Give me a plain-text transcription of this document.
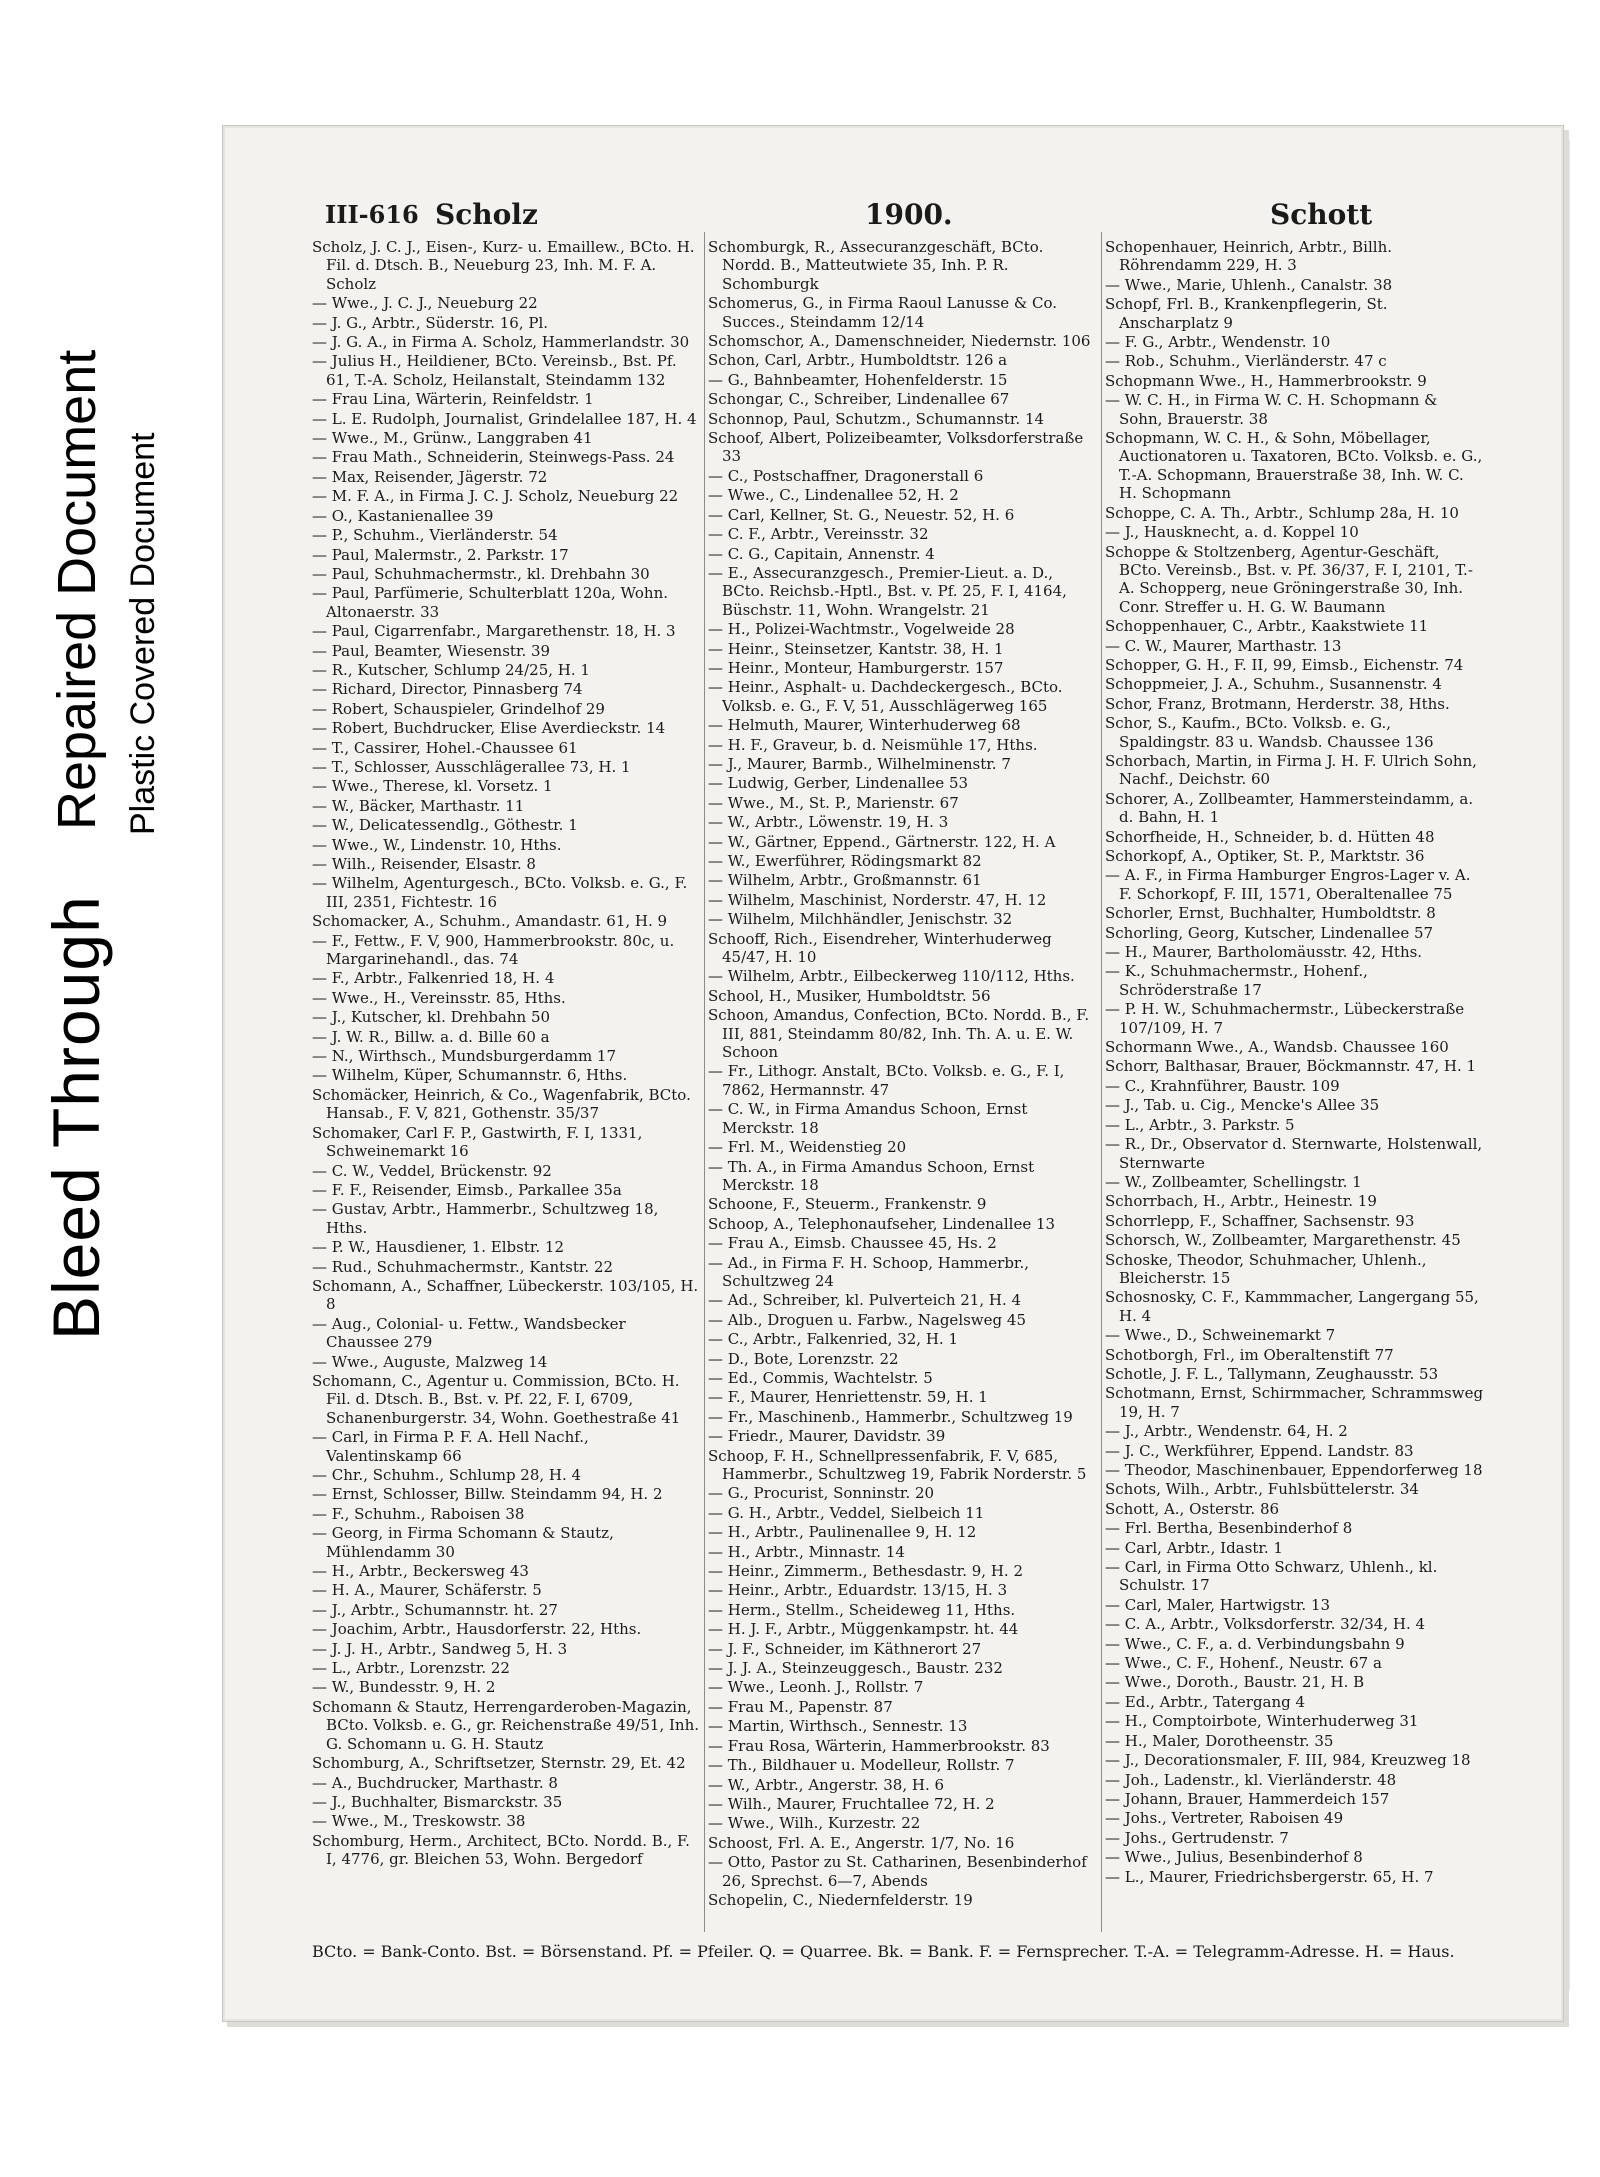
Bleed Through
Repaired Document Plastic Covered Document
III-616 Scholz	1900.	Schott
Scholz, J. C. J., Eisen-, Kurz- u. Emaillew., BCto. H. Fil. d. Dtsch. B., Neueburg 23, Inh. M. F. A. Scholz
— Wwe., J. C. J., Neueburg 22
— J. G., Arbtr., Süderstr. 16, Pl.
— J. G. A., in Firma A. Scholz, Hammerlandstr. 30
— Julius H., Heildiener, BCto. Vereinsb., Bst. Pf. 61, T.-A. Scholz, Heilanstalt, Steindamm 132
— Frau Lina, Wärterin, Reinfeldstr. 1
— L. E. Rudolph, Journalist, Grindelallee 187, H. 4
— Wwe., M., Grünw., Langgraben 41
— Frau Math., Schneiderin, Steinwegs-Pass. 24
— Max, Reisender, Jägerstr. 72
— M. F. A., in Firma J. C. J. Scholz, Neueburg 22
— O., Kastanienallee 39
— P., Schuhm., Vierländerstr. 54
— Paul, Malermstr., 2. Parkstr. 17
— Paul, Schuhmachermstr., kl. Drehbahn 30
— Paul, Parfümerie, Schulterblatt 120a, Wohn. Altonaerstr. 33
— Paul, Cigarrenfabr., Margarethenstr. 18, H. 3
— Paul, Beamter, Wiesenstr. 39
— R., Kutscher, Schlump 24/25, H. 1
— Richard, Director, Pinnasberg 74
— Robert, Schauspieler, Grindelhof 29
— Robert, Buchdrucker, Elise Averdieckstr. 14
— T., Cassirer, Hohel.-Chaussee 61
— T., Schlosser, Ausschlägerallee 73, H. 1
— Wwe., Therese, kl. Vorsetz. 1
— W., Bäcker, Marthastr. 11
— W., Delicatessendlg., Göthestr. 1
— Wwe., W., Lindenstr. 10, Hths.
— Wilh., Reisender, Elsastr. 8
— Wilhelm, Agenturgesch., BCto. Volksb. e. G., F. III, 2351, Fichtestr. 16
Schomacker, A., Schuhm., Amandastr. 61, H. 9
— F., Fettw., F. V, 900, Hammerbrookstr. 80c, u. Margarinehandl., das. 74
— F., Arbtr., Falkenried 18, H. 4
— Wwe., H., Vereinsstr. 85, Hths.
— J., Kutscher, kl. Drehbahn 50
— J. W. R., Billw. a. d. Bille 60 a
— N., Wirthsch., Mundsburgerdamm 17
— Wilhelm, Küper, Schumannstr. 6, Hths.
Schomäcker, Heinrich, & Co., Wagenfabrik, BCto. Hansab., F. V, 821, Gothenstr. 35/37
Schomaker, Carl F. P., Gastwirth, F. I, 1331, Schweinemarkt 16
— C. W., Veddel, Brückenstr. 92
— F. F., Reisender, Eimsb., Parkallee 35a
— Gustav, Arbtr., Hammerbr., Schultzweg 18, Hths.
— P. W., Hausdiener, 1. Elbstr. 12
— Rud., Schuhmachermstr., Kantstr. 22
Schomann, A., Schaffner, Lübeckerstr. 103/105, H. 8
— Aug., Colonial- u. Fettw., Wandsbecker Chaussee 279
— Wwe., Auguste, Malzweg 14
Schomann, C., Agentur u. Commission, BCto. H. Fil. d. Dtsch. B., Bst. v. Pf. 22, F. I, 6709, Schanenburgerstr. 34, Wohn. Goethestraße 41
— Carl, in Firma P. F. A. Hell Nachf., Valentinskamp 66
— Chr., Schuhm., Schlump 28, H. 4
— Ernst, Schlosser, Billw. Steindamm 94, H. 2
— F., Schuhm., Raboisen 38
— Georg, in Firma Schomann & Stautz, Mühlendamm 30
— H., Arbtr., Beckersweg 43
— H. A., Maurer, Schäferstr. 5
— J., Arbtr., Schumannstr. ht. 27
— Joachim, Arbtr., Hausdorferstr. 22, Hths.
— J. J. H., Arbtr., Sandweg 5, H. 3
— L., Arbtr., Lorenzstr. 22
— W., Bundesstr. 9, H. 2
Schomann & Stautz, Herrengarderoben-Magazin, BCto. Volksb. e. G., gr. Reichenstraße 49/51, Inh. G. Schomann u. G. H. Stautz
Schomburg, A., Schriftsetzer, Sternstr. 29, Et. 42
— A., Buchdrucker, Marthastr. 8
— J., Buchhalter, Bismarckstr. 35
— Wwe., M., Treskowstr. 38
Schomburg, Herm., Architect, BCto. Nordd. B., F. I, 4776, gr. Bleichen 53, Wohn. Bergedorf
Schomburgk, R., Assecuranzgeschäft, BCto. Nordd. B., Matteutwiete 35, Inh. P. R. Schomburgk
Schomerus, G., in Firma Raoul Lanusse & Co. Succes., Steindamm 12/14
Schomschor, A., Damenschneider, Niedernstr. 106
Schon, Carl, Arbtr., Humboldtstr. 126 a
— G., Bahnbeamter, Hohenfelderstr. 15
Schongar, C., Schreiber, Lindenallee 67
Schonnop, Paul, Schutzm., Schumannstr. 14
Schoof, Albert, Polizeibeamter, Volksdorferstraße 33
— C., Postschaffner, Dragonerstall 6
— Wwe., C., Lindenallee 52, H. 2
— Carl, Kellner, St. G., Neuestr. 52, H. 6
— C. F., Arbtr., Vereinsstr. 32
— C. G., Capitain, Annenstr. 4
— E., Assecuranzgesch., Premier-Lieut. a. D., BCto. Reichsb.-Hptl., Bst. v. Pf. 25, F. I, 4164, Büschstr. 11, Wohn. Wrangelstr. 21
— H., Polizei-Wachtmstr., Vogelweide 28
— Heinr., Steinsetzer, Kantstr. 38, H. 1
— Heinr., Monteur, Hamburgerstr. 157
— Heinr., Asphalt- u. Dachdeckergesch., BCto. Volksb. e. G., F. V, 51, Ausschlägerweg 165
— Helmuth, Maurer, Winterhuderweg 68
— H. F., Graveur, b. d. Neismühle 17, Hths.
— J., Maurer, Barmb., Wilhelminenstr. 7
— Ludwig, Gerber, Lindenallee 53
— Wwe., M., St. P., Marienstr. 67
— W., Arbtr., Löwenstr. 19, H. 3
— W., Gärtner, Eppend., Gärtnerstr. 122, H. A
— W., Ewerführer, Rödingsmarkt 82
— Wilhelm, Arbtr., Großmannstr. 61
— Wilhelm, Maschinist, Norderstr. 47, H. 12
— Wilhelm, Milchhändler, Jenischstr. 32
Schooff, Rich., Eisendreher, Winterhuderweg 45/47, H. 10
— Wilhelm, Arbtr., Eilbeckerweg 110/112, Hths.
School, H., Musiker, Humboldtstr. 56
Schoon, Amandus, Confection, BCto. Nordd. B., F. III, 881, Steindamm 80/82, Inh. Th. A. u. E. W. Schoon
— Fr., Lithogr. Anstalt, BCto. Volksb. e. G., F. I, 7862, Hermannstr. 47
— C. W., in Firma Amandus Schoon, Ernst Merckstr. 18
— Frl. M., Weidenstieg 20
— Th. A., in Firma Amandus Schoon, Ernst Merckstr. 18
Schoone, F., Steuerm., Frankenstr. 9
Schoop, A., Telephonaufseher, Lindenallee 13
— Frau A., Eimsb. Chaussee 45, Hs. 2
— Ad., in Firma F. H. Schoop, Hammerbr., Schultzweg 24
— Ad., Schreiber, kl. Pulverteich 21, H. 4
— Alb., Droguen u. Farbw., Nagelsweg 45
— C., Arbtr., Falkenried, 32, H. 1
— D., Bote, Lorenzstr. 22
— Ed., Commis, Wachtelstr. 5
— F., Maurer, Henriettenstr. 59, H. 1
— Fr., Maschinenb., Hammerbr., Schultzweg 19
— Friedr., Maurer, Davidstr. 39
Schoop, F. H., Schnellpressenfabrik, F. V, 685, Hammerbr., Schultzweg 19, Fabrik Norderstr. 5
— G., Procurist, Sonninstr. 20
— G. H., Arbtr., Veddel, Sielbeich 11
— H., Arbtr., Paulinenallee 9, H. 12
— H., Arbtr., Minnastr. 14
— Heinr., Zimmerm., Bethesdastr. 9, H. 2
— Heinr., Arbtr., Eduardstr. 13/15, H. 3
— Herm., Stellm., Scheideweg 11, Hths.
— H. J. F., Arbtr., Müggenkampstr. ht. 44
— J. F., Schneider, im Käthnerort 27
— J. J. A., Steinzeuggesch., Baustr. 232
— Wwe., Leonh. J., Rollstr. 7
— Frau M., Papenstr. 87
— Martin, Wirthsch., Sennestr. 13
— Frau Rosa, Wärterin, Hammerbrookstr. 83
— Th., Bildhauer u. Modelleur, Rollstr. 7
— W., Arbtr., Angerstr. 38, H. 6
— Wilh., Maurer, Fruchtallee 72, H. 2
— Wwe., Wilh., Kurzestr. 22
Schoost, Frl. A. E., Angerstr. 1/7, No. 16
— Otto, Pastor zu St. Catharinen, Besenbinderhof 26, Sprechst. 6—7, Abends
Schopelin, C., Niedernfelderstr. 19
Schopenhauer, Heinrich, Arbtr., Billh. Röhrendamm 229, H. 3
— Wwe., Marie, Uhlenh., Canalstr. 38
Schopf, Frl. B., Krankenpflegerin, St. Anscharplatz 9
— F. G., Arbtr., Wendenstr. 10
— Rob., Schuhm., Vierländerstr. 47 c
Schopmann Wwe., H., Hammerbrookstr. 9
— W. C. H., in Firma W. C. H. Schopmann & Sohn, Brauerstr. 38
Schopmann, W. C. H., & Sohn, Möbellager, Auctionatoren u. Taxatoren, BCto. Volksb. e. G., T.-A. Schopmann, Brauerstraße 38, Inh. W. C. H. Schopmann
Schoppe, C. A. Th., Arbtr., Schlump 28a, H. 10
— J., Hausknecht, a. d. Koppel 10
Schoppe & Stoltzenberg, Agentur-Geschäft, BCto. Vereinsb., Bst. v. Pf. 36/37, F. I, 2101, T.-A. Schopperg, neue Gröningerstraße 30, Inh. Conr. Streffer u. H. G. W. Baumann
Schoppenhauer, C., Arbtr., Kaakstwiete 11
— C. W., Maurer, Marthastr. 13
Schopper, G. H., F. II, 99, Eimsb., Eichenstr. 74
Schoppmeier, J. A., Schuhm., Susannenstr. 4
Schor, Franz, Brotmann, Herderstr. 38, Hths.
Schor, S., Kaufm., BCto. Volksb. e. G., Spaldingstr. 83 u. Wandsb. Chaussee 136
Schorbach, Martin, in Firma J. H. F. Ulrich Sohn, Nachf., Deichstr. 60
Schorer, A., Zollbeamter, Hammersteindamm, a. d. Bahn, H. 1
Schorfheide, H., Schneider, b. d. Hütten 48
Schorkopf, A., Optiker, St. P., Marktstr. 36
— A. F., in Firma Hamburger Engros-Lager v. A. F. Schorkopf, F. III, 1571, Oberaltenallee 75
Schorler, Ernst, Buchhalter, Humboldtstr. 8
Schorling, Georg, Kutscher, Lindenallee 57
— H., Maurer, Bartholomäusstr. 42, Hths.
— K., Schuhmachermstr., Hohenf., Schröderstraße 17
— P. H. W., Schuhmachermstr., Lübeckerstraße 107/109, H. 7
Schormann Wwe., A., Wandsb. Chaussee 160
Schorr, Balthasar, Brauer, Böckmannstr. 47, H. 1
— C., Krahnführer, Baustr. 109
— J., Tab. u. Cig., Mencke's Allee 35
— L., Arbtr., 3. Parkstr. 5
— R., Dr., Observator d. Sternwarte, Holstenwall, Sternwarte
— W., Zollbeamter, Schellingstr. 1
Schorrbach, H., Arbtr., Heinestr. 19
Schorrlepp, F., Schaffner, Sachsenstr. 93
Schorsch, W., Zollbeamter, Margarethenstr. 45
Schoske, Theodor, Schuhmacher, Uhlenh., Bleicherstr. 15
Schosnosky, C. F., Kammmacher, Langergang 55, H. 4
— Wwe., D., Schweinemarkt 7
Schotborgh, Frl., im Oberaltenstift 77
Schotle, J. F. L., Tallymann, Zeughausstr. 53
Schotmann, Ernst, Schirmmacher, Schrammsweg 19, H. 7
— J., Arbtr., Wendenstr. 64, H. 2
— J. C., Werkführer, Eppend. Landstr. 83
— Theodor, Maschinenbauer, Eppendorferweg 18
Schots, Wilh., Arbtr., Fuhlsbüttelerstr. 34
Schott, A., Osterstr. 86
— Frl. Bertha, Besenbinderhof 8
— Carl, Arbtr., Idastr. 1
— Carl, in Firma Otto Schwarz, Uhlenh., kl. Schulstr. 17
— Carl, Maler, Hartwigstr. 13
— C. A., Arbtr., Volksdorferstr. 32/34, H. 4
— Wwe., C. F., a. d. Verbindungsbahn 9
— Wwe., C. F., Hohenf., Neustr. 67 a
— Wwe., Doroth., Baustr. 21, H. B
— Ed., Arbtr., Tatergang 4
— H., Comptoirbote, Winterhuderweg 31
— H., Maler, Dorotheenstr. 35
— J., Decorationsmaler, F. III, 984, Kreuzweg 18
— Joh., Ladenstr., kl. Vierländerstr. 48
— Johann, Brauer, Hammerdeich 157
— Johs., Vertreter, Raboisen 49
— Johs., Gertrudenstr. 7
— Wwe., Julius, Besenbinderhof 8
— L., Maurer, Friedrichsbergerstr. 65, H. 7
BCto. = Bank-Conto. Bst. = Börsenstand. Pf. = Pfeiler. Q. = Quarree. Bk. = Bank. F. = Fernsprecher. T.-A. = Telegramm-Adresse. H. = Haus.
